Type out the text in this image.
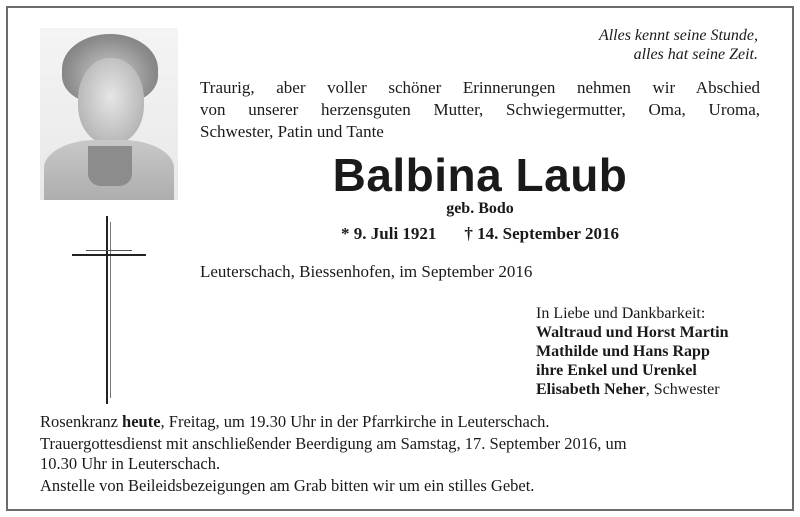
Alles kennt seine Stunde,
alles hat seine Zeit.
Traurig, aber voller schöner Erinnerungen nehmen wir Abschied
von unserer herzensguten Mutter, Schwiegermutter, Oma, Uroma,
Schwester, Patin und Tante
Balbina Laub
geb. Bodo
* 9. Juli 1921 † 14. September 2016
Leuterschach, Biessenhofen, im September 2016
In Liebe und Dankbarkeit:
Waltraud und Horst Martin
Mathilde und Hans Rapp
ihre Enkel und Urenkel
Elisabeth Neher, Schwester

Rosenkranz heute, Freitag, um 19.30 Uhr in der Pfarrkirche in Leuterschach.

Trauergottesdienst mit anschließender Beerdigung am Samstag, 17. September 2016, um
10.30 Uhr in Leuterschach.

Anstelle von Beileidsbezeigungen am Grab bitten wir um ein stilles Gebet.
